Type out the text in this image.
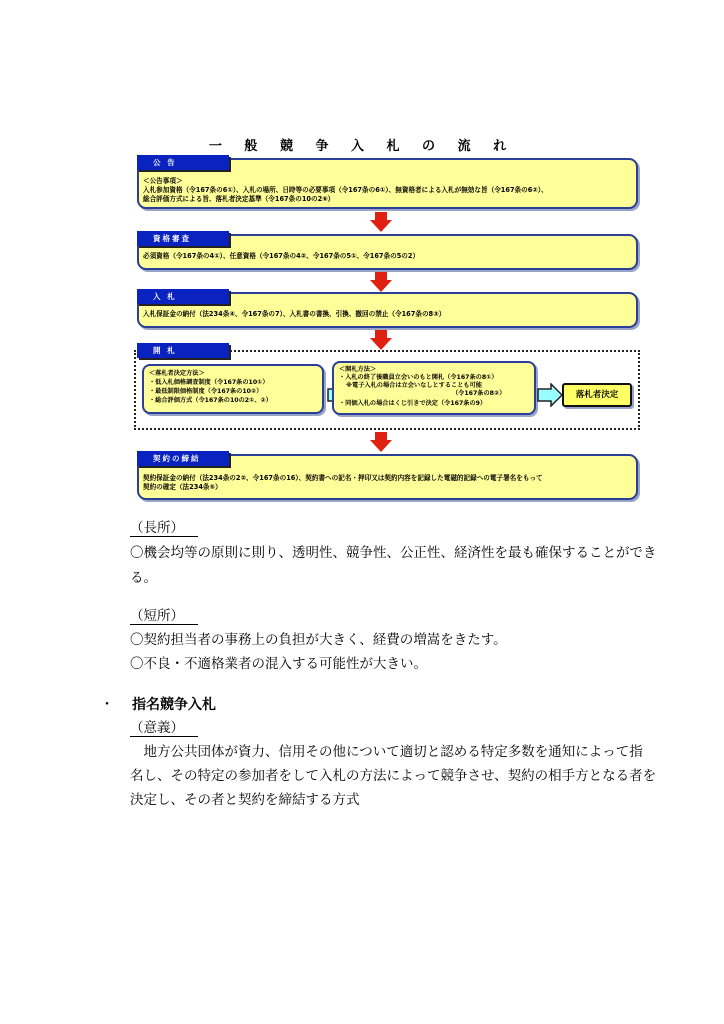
一 般 競 争 入 札 の 流 れ
＜公告事項＞
入札参加資格（令167条の6①）、入札の場所、日時等の必要事項（令167条の6①）、無資格者による入札が無効な旨（令167条の6②）、
総合評価方式による旨、落札者決定基準（令167条の10の2⑥）
公 告
必須資格（令167条の4①）、任意資格（令167条の4②、令167条の5①、令167条の5の2）
資格審査
入札保証金の納付（法234条④、令167条の7）、入札書の書換、引換、撤回の禁止（令167条の8③）
入 札
開 札
＜落札者決定方法＞
・低入札価格調査制度（令167条の10①）
・最低制限価格制度（令167条の10②）
・総合評価方式（令167条の10の2①、②）
＜開札方法＞
・入札の終了後職員立会いのもと開札（令167条の8①）
※電子入札の場合は立会いなしとすることも可能
（令167条の8②）
・同価入札の場合はくじ引きで決定（令167条の9）
落札者決定
契約保証金の納付（法234条の2②、令167条の16）、契約書への記名・押印又は契約内容を記録した電磁的記録への電子署名をもって
契約の確定（法234条⑤）
契約の締結
（長所）
〇機会均等の原則に則り、透明性、競争性、公正性、経済性を最も確保することができ
る。
（短所）
〇契約担当者の事務上の負担が大きく、経費の増嵩をきたす。
〇不良・不適格業者の混入する可能性が大きい。
・ 指名競争入札
（意義）
　地方公共団体が資力、信用その他について適切と認める特定多数を通知によって指
名し、その特定の参加者をして入札の方法によって競争させ、契約の相手方となる者を
決定し、その者と契約を締結する方式
